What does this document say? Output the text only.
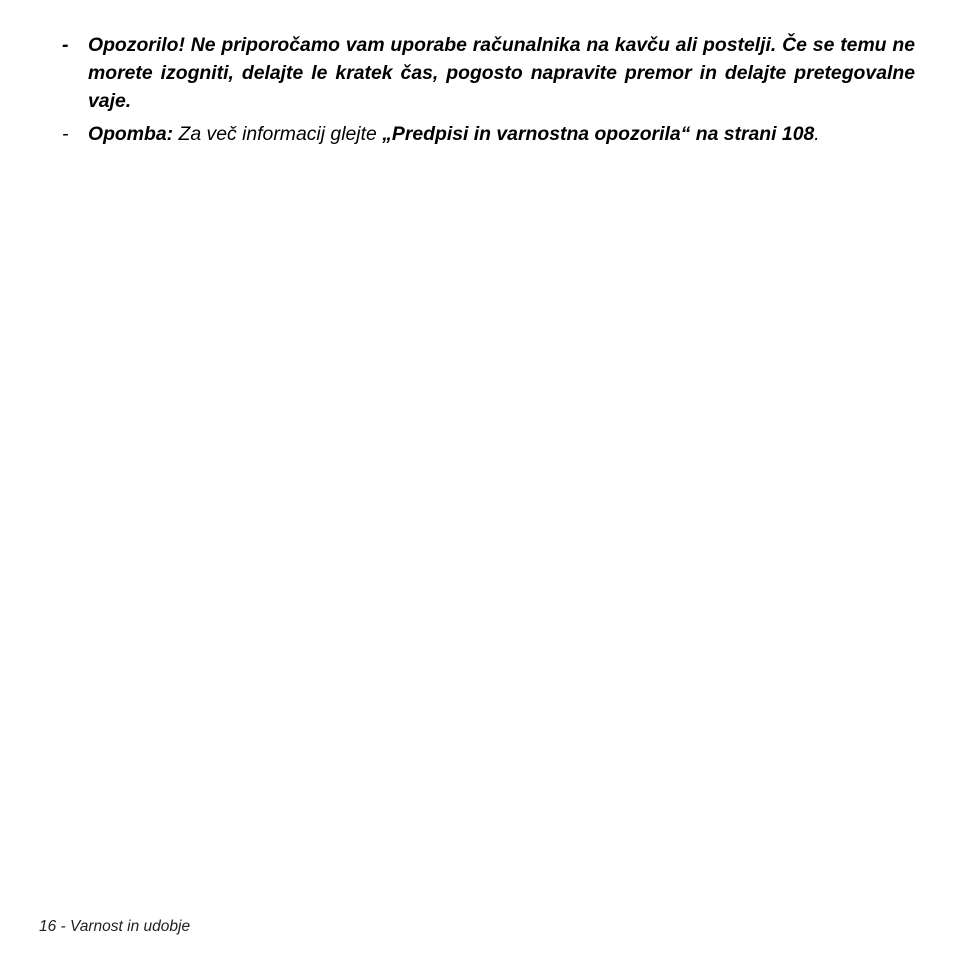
-	Opozorilo! Ne priporočamo vam uporabe računalnika na kavču ali postelji. Če se temu ne morete izogniti, delajte le kratek čas, pogosto napravite premor in delajte pretegovalne vaje.
-	Opomba: Za več informacij glejte „Predpisi in varnostna opozorila“ na strani 108.
16 - Varnost in udobje
